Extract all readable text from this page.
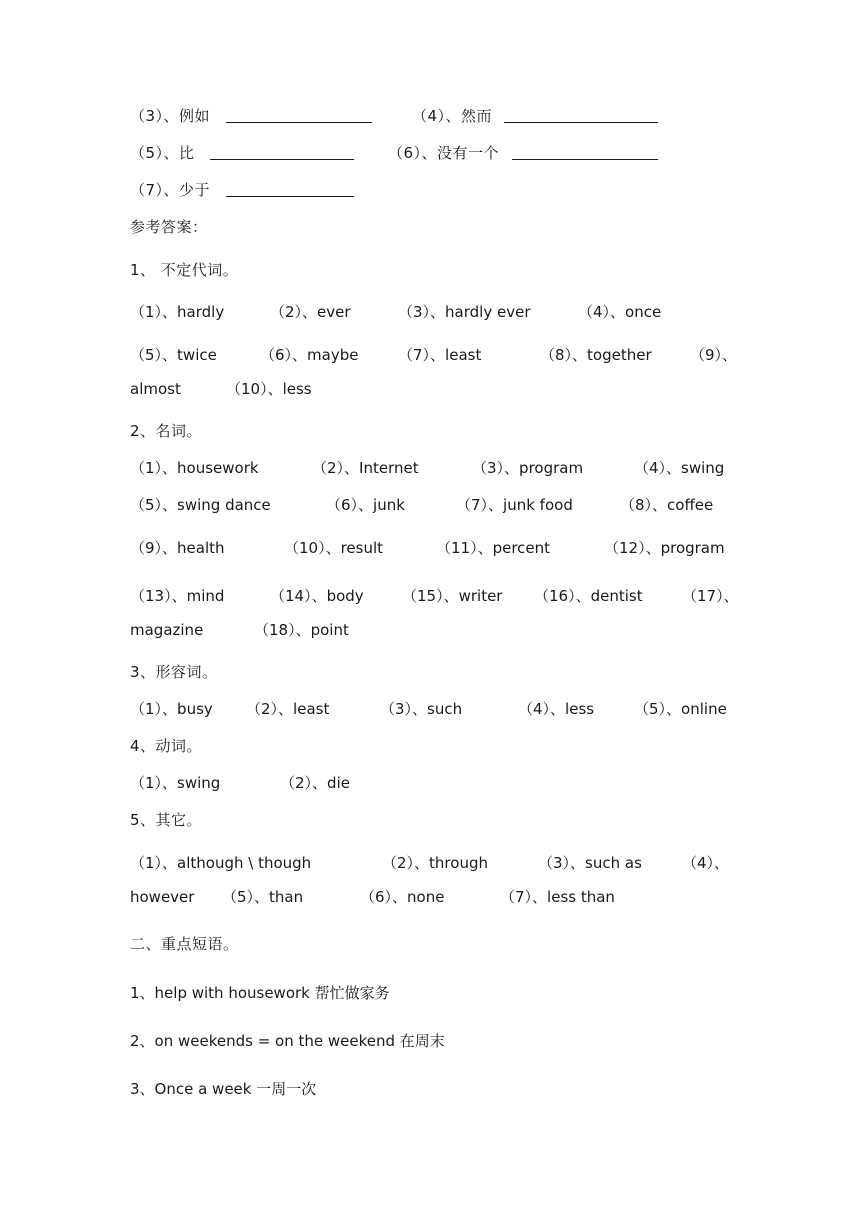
（3）、例如	（4）、然而
（5）、比	（6）、没有一个
（7）、少于
参考答案：
1、 不定代词。
（1）、hardly	（2）、ever	（3）、hardly ever	（4）、once
（5）、twice	（6）、maybe	（7）、least	（8）、together	（9）、
almost	（10）、less
2、名词。
（1）、housework	（2）、Internet	（3）、program	（4）、swing
（5）、swing dance	（6）、junk	（7）、junk food	（8）、coffee
（9）、health	（10）、result	（11）、percent	（12）、program
（13）、mind	（14）、body	（15）、writer （16）、dentist	（17）、
magazine	（18）、point
3、形容词。
（1）、busy （2）、least	（3）、such	（4）、less	（5）、online
4、动词。
（1）、swing	（2）、die
5、其它。
（1）、although \ though	（2）、through	（3）、such as	（4）、
however （5）、than	（6）、none	（7）、less than
二、重点短语。
1、help with housework 帮忙做家务
2、on weekends = on the weekend 在周末
3、Once a week 一周一次
